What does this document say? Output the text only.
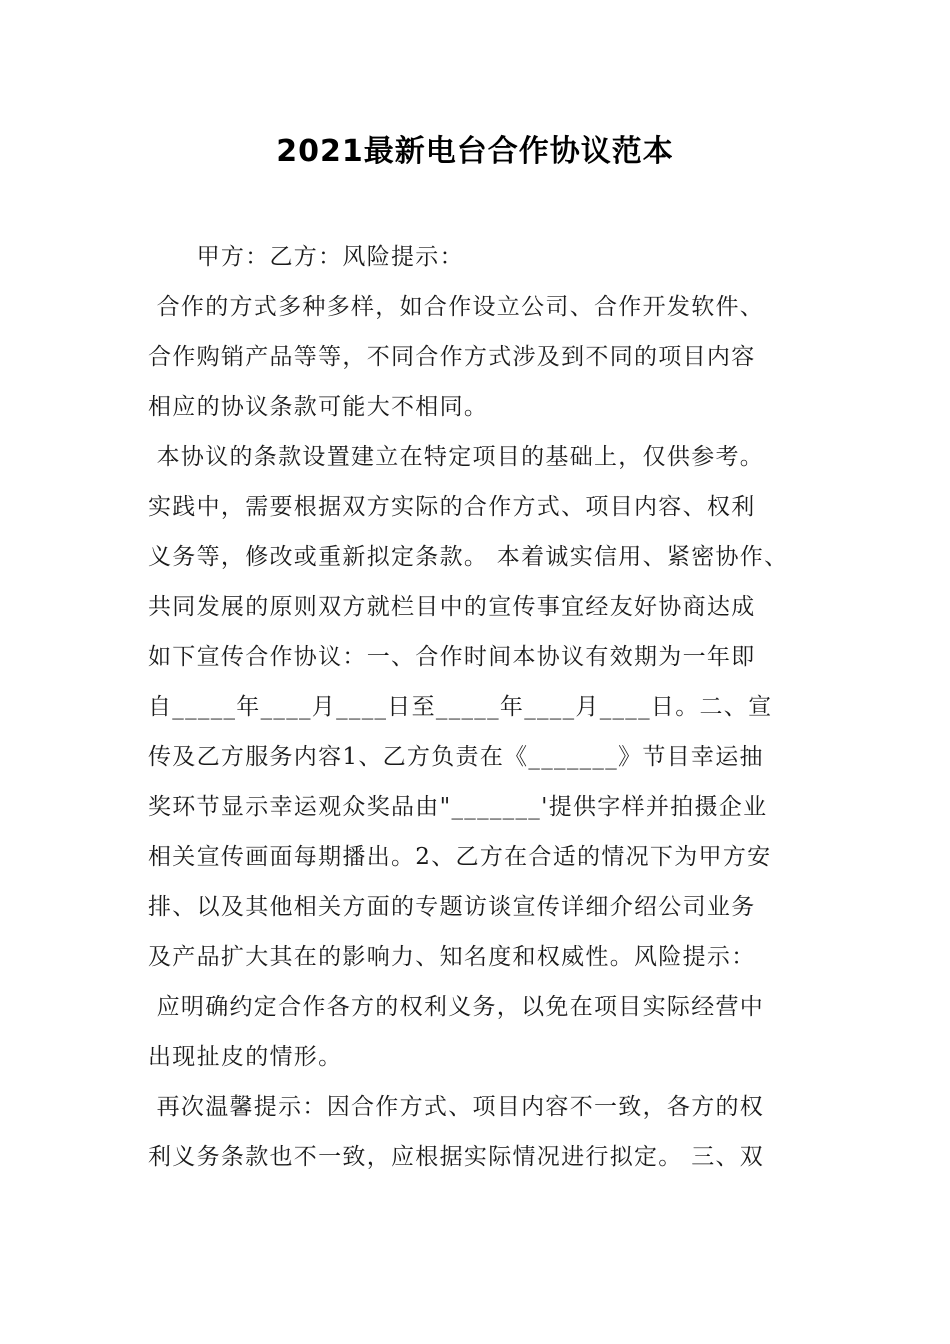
2021最新电台合作协议范本

　　甲方：乙方：风险提示：

合作的方式多种多样，如合作设立公司、合作开发软件、

合作购销产品等等，不同合作方式涉及到不同的项目内容

相应的协议条款可能大不相同。

本协议的条款设置建立在特定项目的基础上，仅供参考。

实践中，需要根据双方实际的合作方式、项目内容、权利

义务等，修改或重新拟定条款。 本着诚实信用、紧密协作、

共同发展的原则双方就栏目中的宣传事宜经友好协商达成

如下宣传合作协议：一、合作时间本协议有效期为一年即

自_____年____月____日至_____年____月____日。二、宣

传及乙方服务内容1、乙方负责在《_______》节目幸运抽

奖环节显示幸运观众奖品由"_______'提供字样并拍摄企业

相关宣传画面每期播出。2、乙方在合适的情况下为甲方安

排、以及其他相关方面的专题访谈宣传详细介绍公司业务

及产品扩大其在的影响力、知名度和权威性。风险提示：

应明确约定合作各方的权利义务，以免在项目实际经营中

出现扯皮的情形。

再次温馨提示：因合作方式、项目内容不一致，各方的权

利义务条款也不一致，应根据实际情况进行拟定。 三、双
